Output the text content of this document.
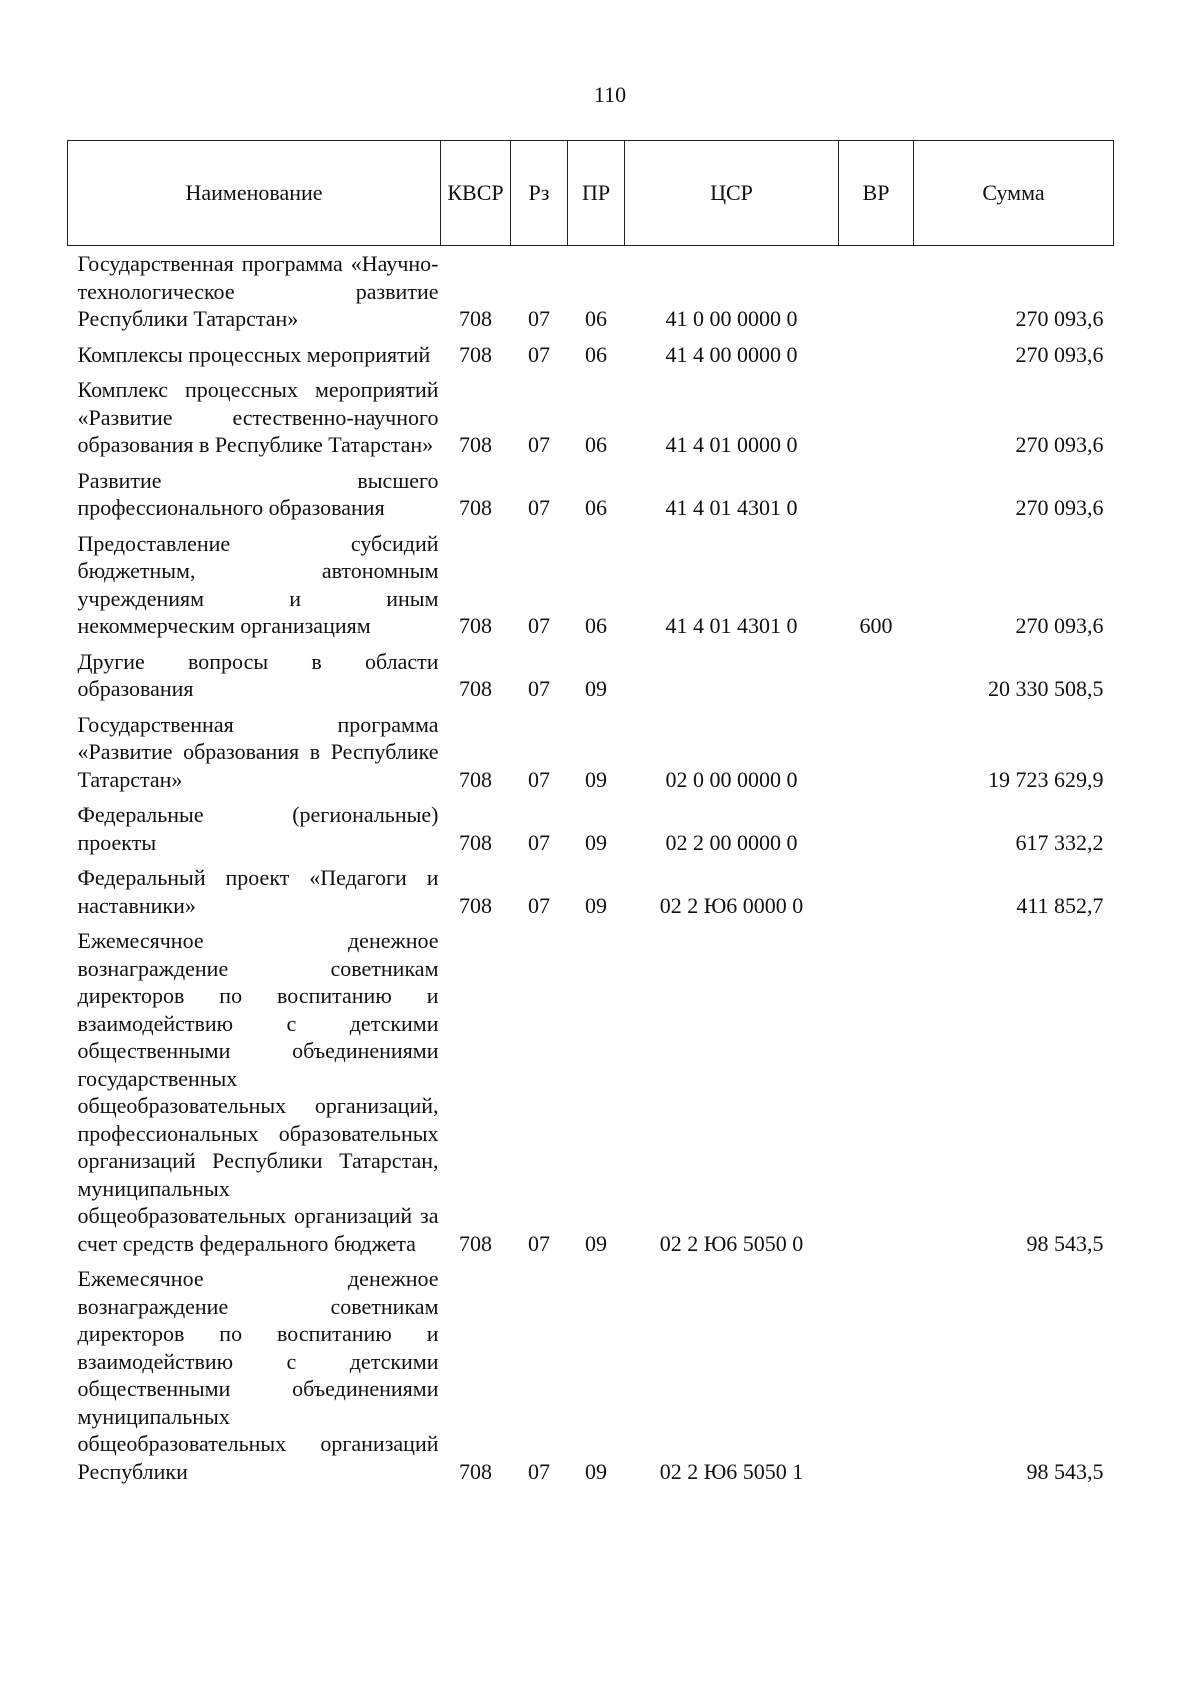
110
Наименование	КВСР	Рз	ПР	ЦСР	ВР	Сумма
Государственная программа «Научно-технологическое развитие Республики Татарстан»	708	07	06	41 0 00 0000 0		270 093,6
Комплексы процессных мероприятий	708	07	06	41 4 00 0000 0		270 093,6
Комплекс процессных мероприятий «Развитие естественно-научного образования в Республике Татарстан»	708	07	06	41 4 01 0000 0		270 093,6
Развитие высшего профессионального образования	708	07	06	41 4 01 4301 0		270 093,6
Предоставление субсидий бюджетным, автономным учреждениям и иным некоммерческим организациям	708	07	06	41 4 01 4301 0	600	270 093,6
Другие вопросы в области образования	708	07	09			20 330 508,5
Государственная программа «Развитие образования в Республике Татарстан»	708	07	09	02 0 00 0000 0		19 723 629,9
Федеральные (региональные) проекты	708	07	09	02 2 00 0000 0		617 332,2
Федеральный проект «Педагоги и наставники»	708	07	09	02 2 Ю6 0000 0		411 852,7
Ежемесячное денежное вознаграждение советникам директоров по воспитанию и взаимодействию с детскими общественными объединениями государственных общеобразовательных организаций, профессиональных образовательных организаций Республики Татарстан, муниципальных общеобразовательных организаций за счет средств федерального бюджета	708	07	09	02 2 Ю6 5050 0		98 543,5
Ежемесячное денежное вознаграждение советникам директоров по воспитанию и взаимодействию с детскими общественными объединениями муниципальных общеобразовательных организаций Республики	708	07	09	02 2 Ю6 5050 1		98 543,5
